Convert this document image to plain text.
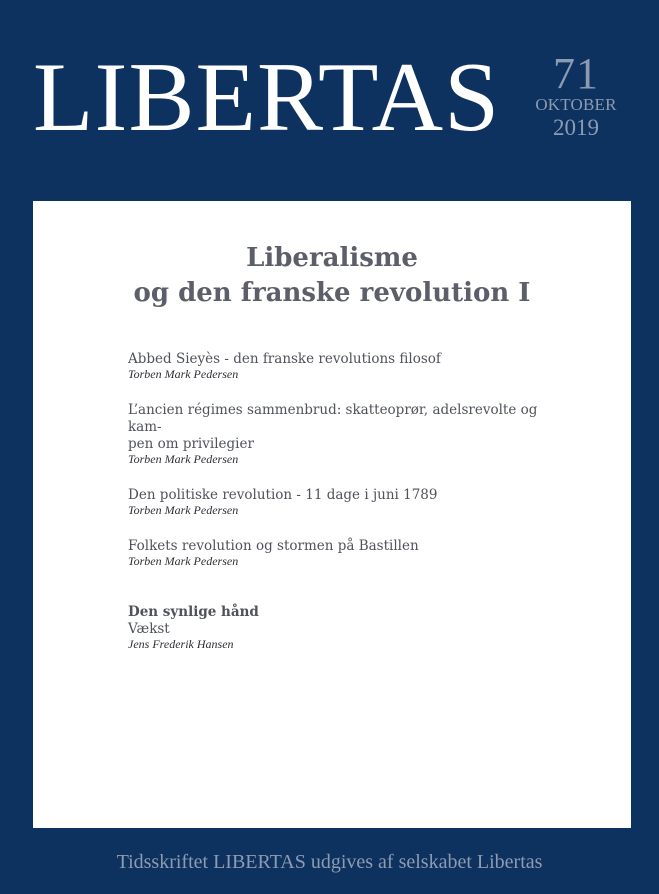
LIBERTAS	71
OKTOBER
2019
Liberalisme
og den franske revolution I
Abbed Sieyès - den franske revolutions filosof
Torben Mark Pedersen
L’ancien régimes sammenbrud: skatteoprør, adelsrevolte og kam-
pen om privilegier
Torben Mark Pedersen
Den politiske revolution - 11 dage i juni 1789
Torben Mark Pedersen
Folkets revolution og stormen på Bastillen
Torben Mark Pedersen
Den synlige hånd
Vækst
Jens Frederik Hansen
Tidsskriftet LIBERTAS udgives af selskabet Libertas
